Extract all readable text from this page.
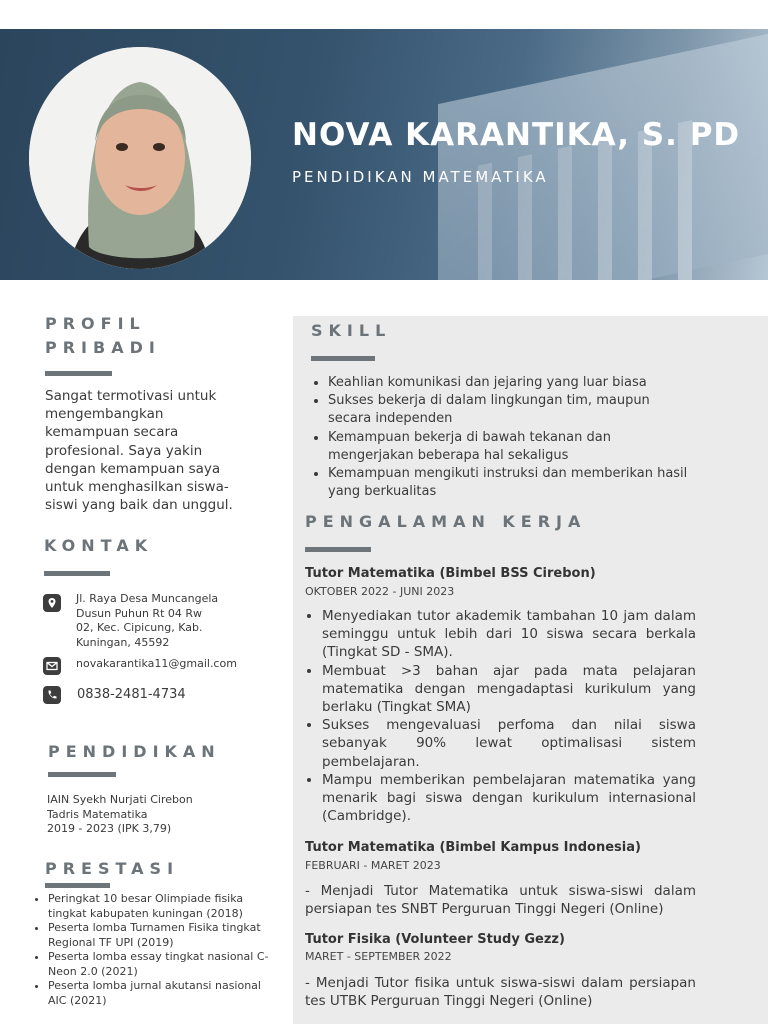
NOVA KARANTIKA, S. PD
PENDIDIKAN MATEMATIKA
PROFIL
PRIBADI
Sangat termotivasi untuk mengembangkan kemampuan secara profesional. Saya yakin dengan kemampuan saya untuk menghasilkan siswa-siswi yang baik dan unggul.
KONTAK
Jl. Raya Desa Muncangela
Dusun Puhun Rt 04 Rw
02, Kec. Cipicung, Kab.
Kuningan, 45592
novakarantika11@gmail.com
0838-2481-4734
PENDIDIKAN
IAIN Syekh Nurjati Cirebon
Tadris Matematika
2019 - 2023 (IPK 3,79)
PRESTASI
• Peringkat 10 besar Olimpiade fisika tingkat kabupaten kuningan (2018)
• Peserta lomba Turnamen Fisika tingkat Regional TF UPI (2019)
• Peserta lomba essay tingkat nasional C-Neon 2.0 (2021)
• Peserta lomba jurnal akutansi nasional AIC (2021)
SKILL
• Keahlian komunikasi dan jejaring yang luar biasa
• Sukses bekerja di dalam lingkungan tim, maupun secara independen
• Kemampuan bekerja di bawah tekanan dan mengerjakan beberapa hal sekaligus
• Kemampuan mengikuti instruksi dan memberikan hasil yang berkualitas
PENGALAMAN KERJA
Tutor Matematika (Bimbel BSS Cirebon)
OKTOBER 2022 - JUNI 2023
• Menyediakan tutor akademik tambahan 10 jam dalam seminggu untuk lebih dari 10 siswa secara berkala (Tingkat SD - SMA).
• Membuat >3 bahan ajar pada mata pelajaran matematika dengan mengadaptasi kurikulum yang berlaku (Tingkat SMA)
• Sukses mengevaluasi perfoma dan nilai siswa sebanyak 90% lewat optimalisasi sistem pembelajaran.
• Mampu memberikan pembelajaran matematika yang menarik bagi siswa dengan kurikulum internasional (Cambridge).
Tutor Matematika (Bimbel Kampus Indonesia)
FEBRUARI - MARET 2023
- Menjadi Tutor Matematika untuk siswa-siswi dalam persiapan tes SNBT Perguruan Tinggi Negeri (Online)
Tutor Fisika (Volunteer Study Gezz)
MARET - SEPTEMBER 2022
- Menjadi Tutor fisika untuk siswa-siswi dalam persiapan tes UTBK Perguruan Tinggi Negeri (Online)
